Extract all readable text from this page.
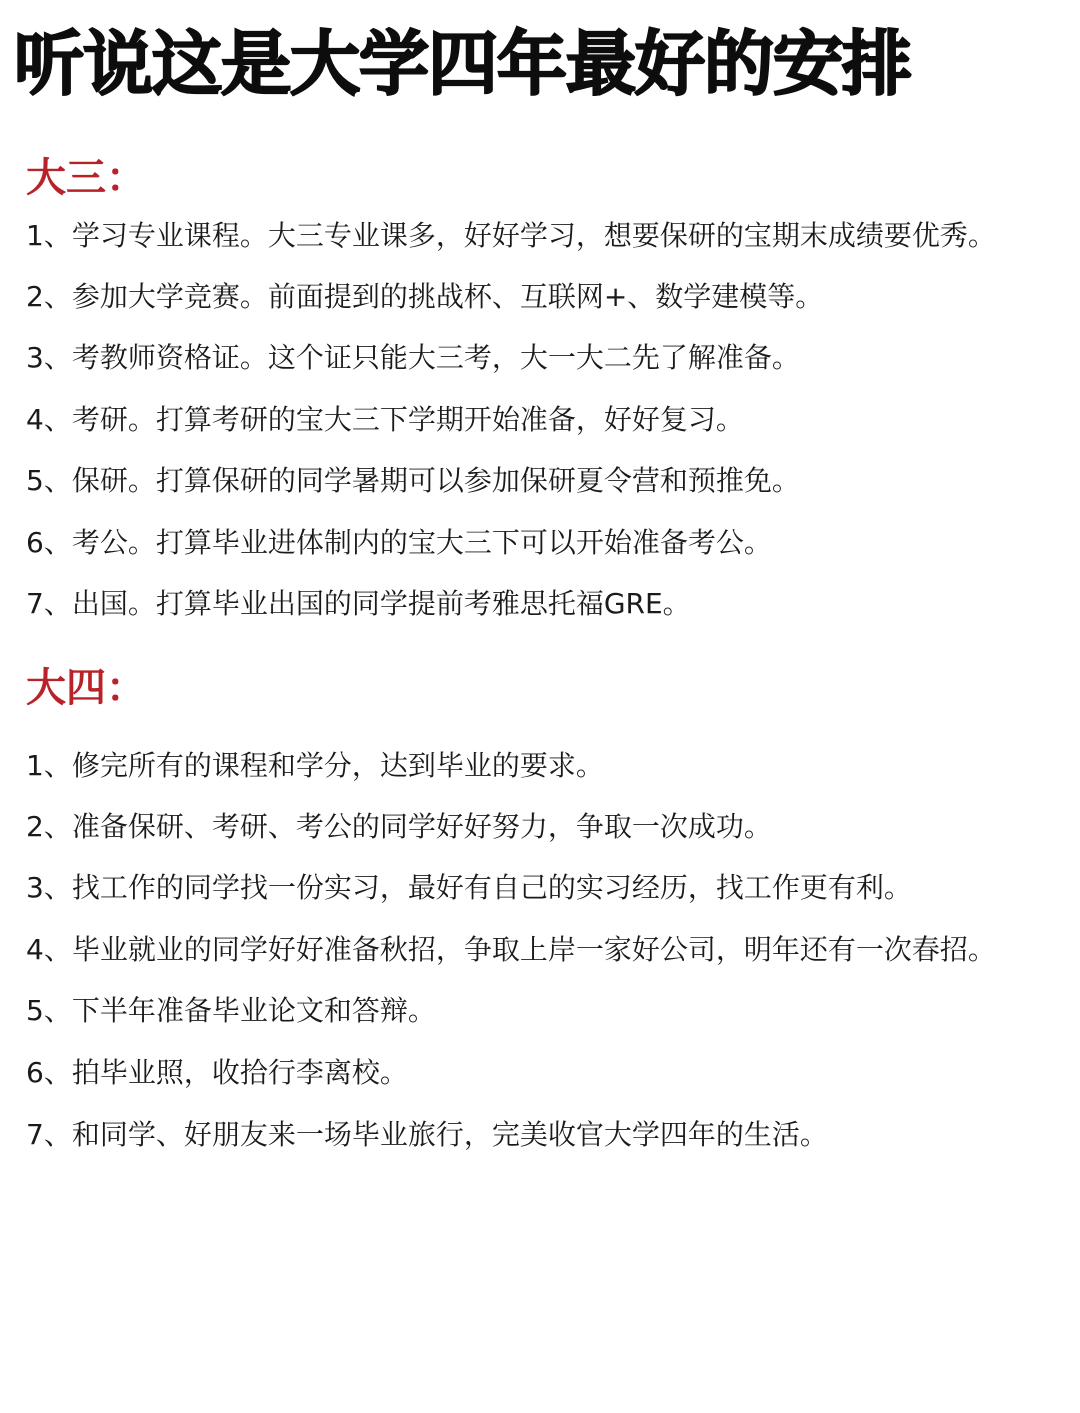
听说这是大学四年最好的安排
大三：
1、学习专业课程。大三专业课多，好好学习，想要保研的宝期末成绩要优秀。
2、参加大学竞赛。前面提到的挑战杯、互联网+、数学建模等。
3、考教师资格证。这个证只能大三考，大一大二先了解准备。
4、考研。打算考研的宝大三下学期开始准备，好好复习。
5、保研。打算保研的同学暑期可以参加保研夏令营和预推免。
6、考公。打算毕业进体制内的宝大三下可以开始准备考公。
7、出国。打算毕业出国的同学提前考雅思托福GRE。
大四：
1、修完所有的课程和学分，达到毕业的要求。
2、准备保研、考研、考公的同学好好努力，争取一次成功。
3、找工作的同学找一份实习，最好有自己的实习经历，找工作更有利。
4、毕业就业的同学好好准备秋招，争取上岸一家好公司，明年还有一次春招。
5、下半年准备毕业论文和答辩。
6、拍毕业照，收拾行李离校。
7、和同学、好朋友来一场毕业旅行，完美收官大学四年的生活。
